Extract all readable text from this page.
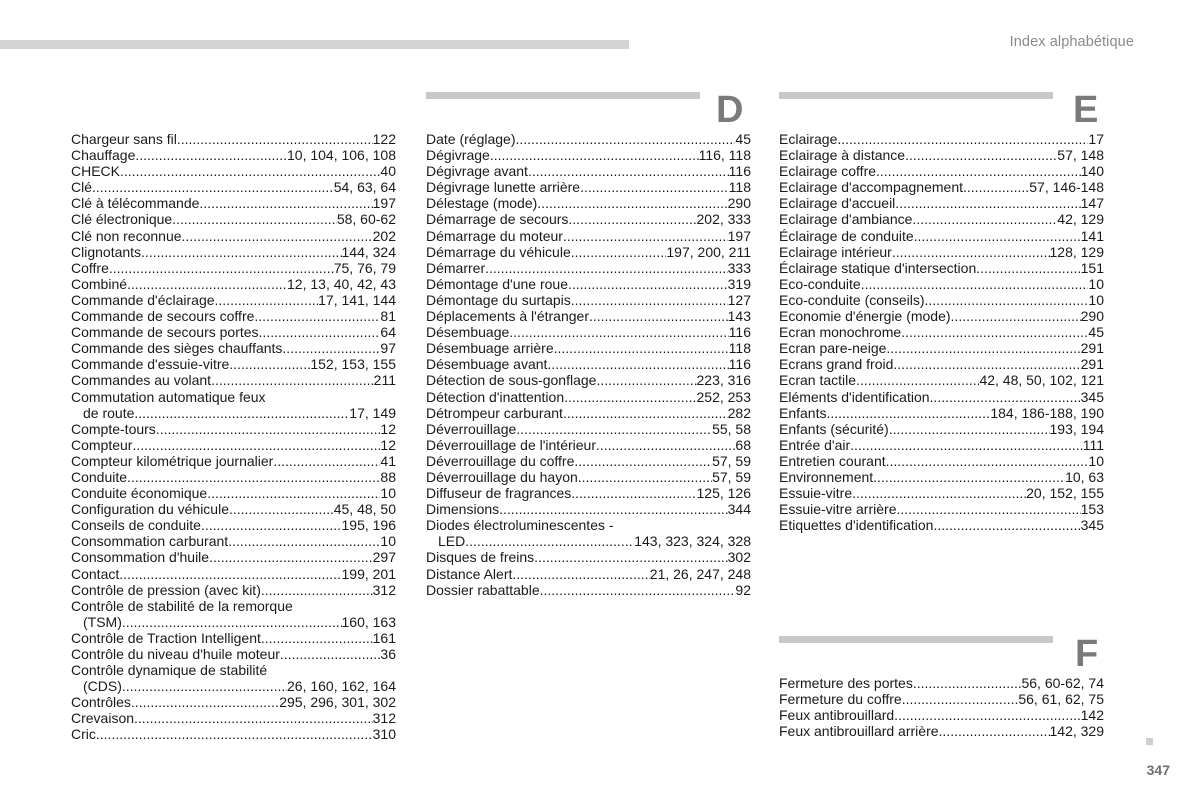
Index alphabétique
Chargeur sans fil .....	122
Chauffage .....	10, 104, 106, 108
CHECK .....	40
Clé .....	54, 63, 64
Clé à télécommande .....	197
Clé électronique .....	58, 60-62
Clé non reconnue .....	202
Clignotants .....	144, 324
Coffre .....	75, 76, 79
Combiné .....	12, 13, 40, 42, 43
Commande d'éclairage .....	17, 141, 144
Commande de secours coffre .....	81
Commande de secours portes .....	64
Commande des sièges chauffants .....	97
Commande d'essuie-vitre .....	152, 153, 155
Commandes au volant .....	211
Commutation automatique feux
de route .....	17, 149
Compte-tours .....	12
Compteur .....	12
Compteur kilométrique journalier .....	41
Conduite .....	88
Conduite économique .....	10
Configuration du véhicule .....	45, 48, 50
Conseils de conduite .....	195, 196
Consommation carburant .....	10
Consommation d'huile .....	297
Contact .....	199, 201
Contrôle de pression (avec kit) .....	312
Contrôle de stabilité de la remorque
(TSM) .....	160, 163
Contrôle de Traction Intelligent .....	161
Contrôle du niveau d'huile moteur .....	36
Contrôle dynamique de stabilité
(CDS) .....	26, 160, 162, 164
Contrôles .....	295, 296, 301, 302
Crevaison .....	312
Cric .....	310
D
Date (réglage) .....	45
Dégivrage .....	116, 118
Dégivrage avant .....	116
Dégivrage lunette arrière .....	118
Délestage (mode) .....	290
Démarrage de secours .....	202, 333
Démarrage du moteur .....	197
Démarrage du véhicule .....	197, 200, 211
Démarrer .....	333
Démontage d'une roue .....	319
Démontage du surtapis .....	127
Déplacements à l'étranger .....	143
Désembuage .....	116
Désembuage arrière .....	118
Désembuage avant .....	116
Détection de sous-gonflage .....	223, 316
Détection d'inattention .....	252, 253
Détrompeur carburant .....	282
Déverrouillage .....	55, 58
Déverrouillage de l'intérieur .....	68
Déverrouillage du coffre .....	57, 59
Déverrouillage du hayon .....	57, 59
Diffuseur de fragrances .....	125, 126
Dimensions .....	344
Diodes électroluminescentes -
LED .....	143, 323, 324, 328
Disques de freins .....	302
Distance Alert .....	21, 26, 247, 248
Dossier rabattable .....	92
E
Eclairage .....	17
Eclairage à distance .....	57, 148
Eclairage coffre .....	140
Eclairage d'accompagnement .....	57, 146-148
Eclairage d'accueil .....	147
Eclairage d'ambiance .....	42, 129
Éclairage de conduite .....	141
Eclairage intérieur .....	128, 129
Éclairage statique d'intersection .....	151
Eco-conduite .....	10
Eco-conduite (conseils) .....	10
Economie d'énergie (mode) .....	290
Ecran monochrome .....	45
Ecran pare-neige .....	291
Ecrans grand froid .....	291
Ecran tactile .....	42, 48, 50, 102, 121
Eléments d'identification .....	345
Enfants .....	184, 186-188, 190
Enfants (sécurité) .....	193, 194
Entrée d'air .....	111
Entretien courant .....	10
Environnement .....	10, 63
Essuie-vitre .....	20, 152, 155
Essuie-vitre arrière .....	153
Etiquettes d'identification .....	345
F
Fermeture des portes .....	56, 60-62, 74
Fermeture du coffre .....	56, 61, 62, 75
Feux antibrouillard .....	142
Feux antibrouillard arrière .....	142, 329
347
